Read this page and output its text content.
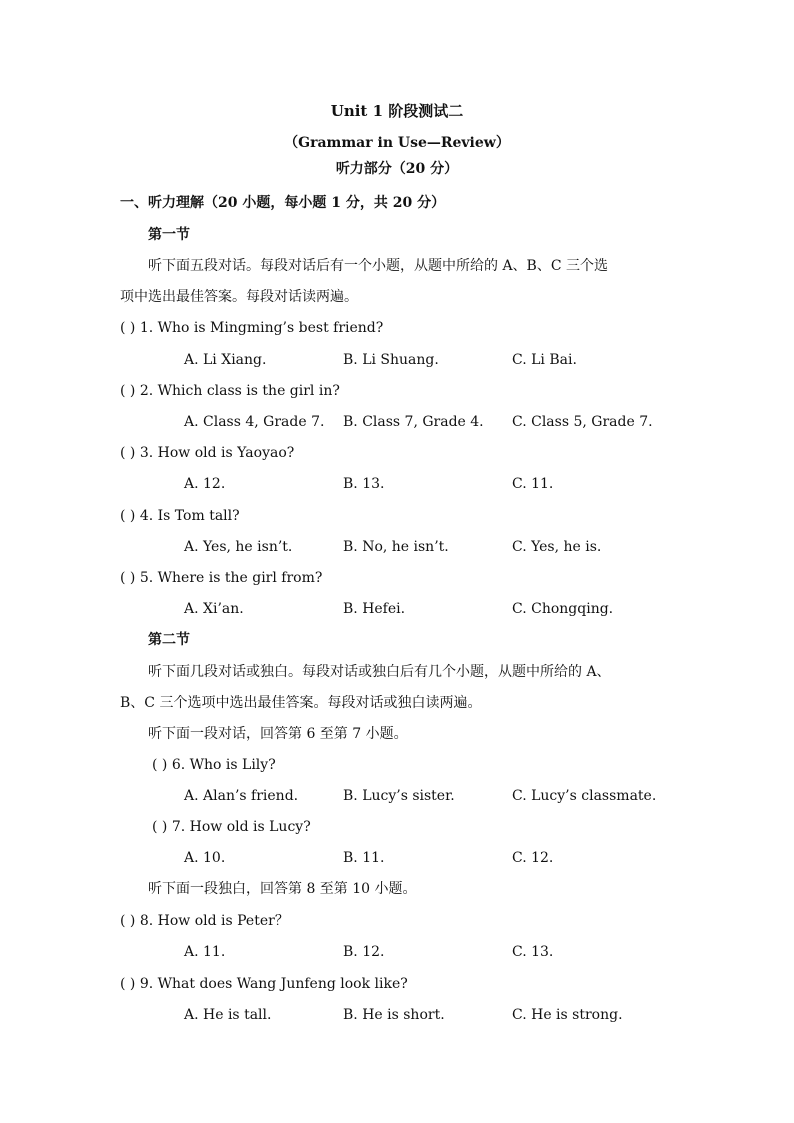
Unit 1 阶段测试二
（Grammar in Use—Review）
听力部分（20 分）
一、听力理解（20 小题，每小题 1 分，共 20 分）
第一节
听下面五段对话。每段对话后有一个小题，从题中所给的 A、B、C 三个选
项中选出最佳答案。每段对话读两遍。
( ) 1. Who is Mingming’s best friend?
A. Li Xiang.	B. Li Shuang.	C. Li Bai.
( ) 2. Which class is the girl in?
A. Class 4, Grade 7. B. Class 7, Grade 4. C. Class 5, Grade 7.
( ) 3. How old is Yaoyao?
A. 12.	B. 13.	C. 11.
( ) 4. Is Tom tall?
A. Yes, he isn’t.	B. No, he isn’t.	C. Yes, he is.
( ) 5. Where is the girl from?
A. Xi’an.	B. Hefei.	C. Chongqing.
第二节
听下面几段对话或独白。每段对话或独白后有几个小题，从题中所给的 A、
B、C 三个选项中选出最佳答案。每段对话或独白读两遍。
听下面一段对话，回答第 6 至第 7 小题。
( ) 6. Who is Lily?
A. Alan’s friend.	B. Lucy’s sister.	C. Lucy’s classmate.
( ) 7. How old is Lucy?
A. 10.	B. 11.	C. 12.
听下面一段独白，回答第 8 至第 10 小题。
( ) 8. How old is Peter？
A. 11.	B. 12.	C. 13.
( ) 9. What does Wang Junfeng look like?
A. He is tall.	B. He is short.	C. He is strong.
